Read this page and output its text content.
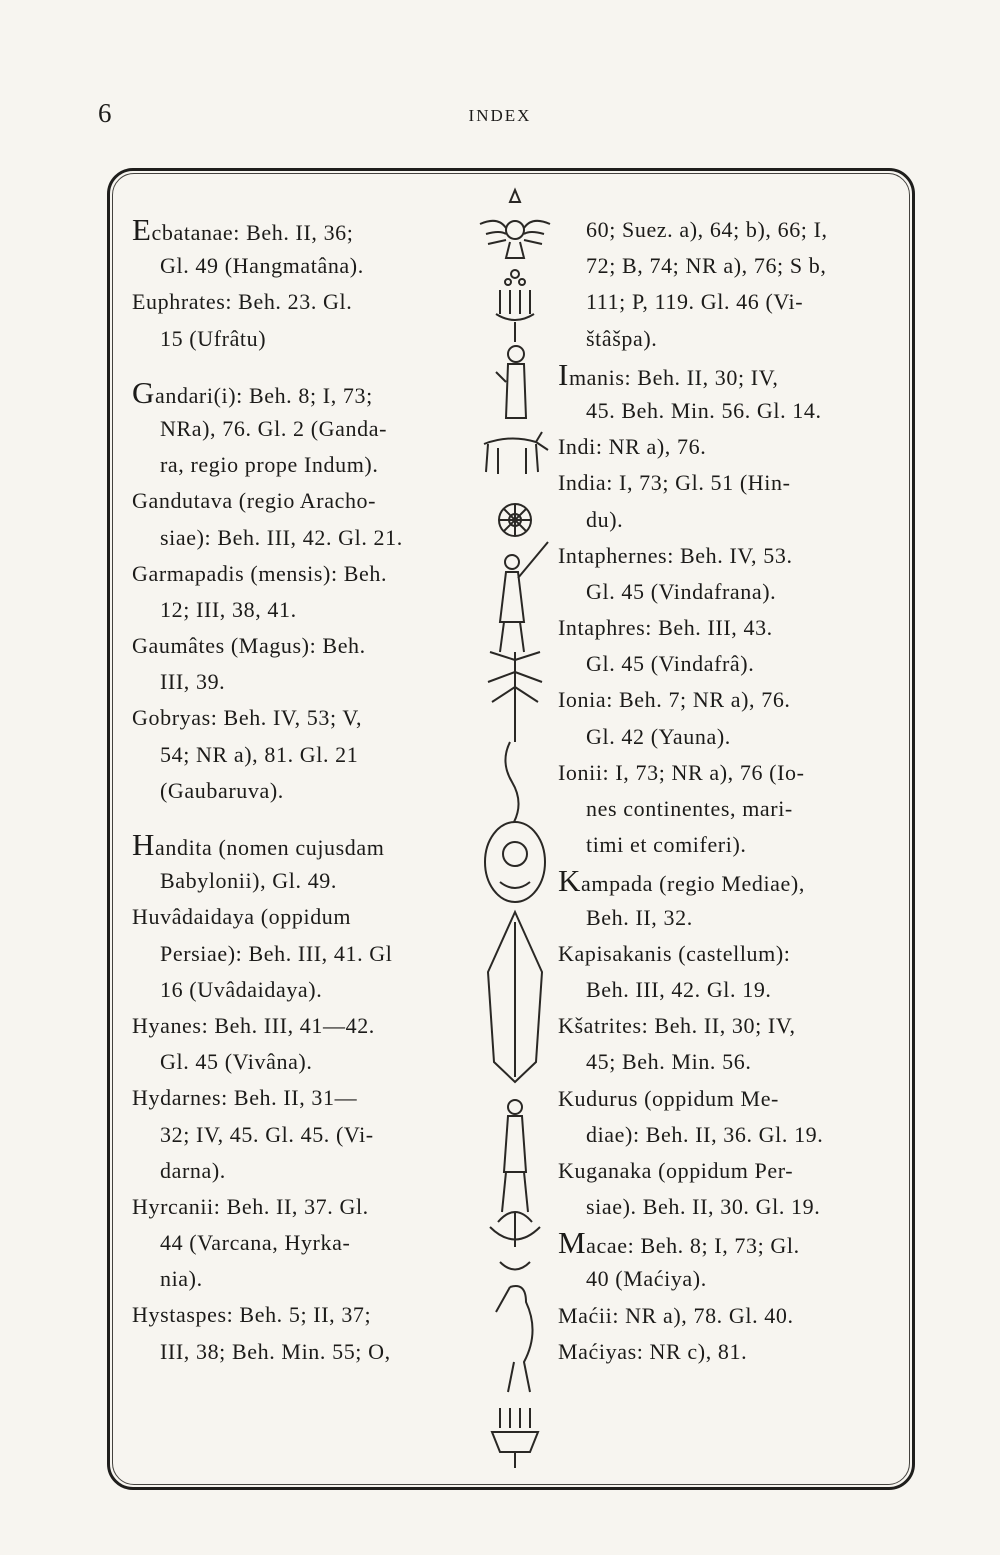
6	INDEX
Ecbatanae: Beh. II, 36;
Gl. 49 (Hangmatâna).
Euphrates: Beh. 23. Gl.
15 (Ufrâtu)
Gandari(i): Beh. 8; I, 73;
NRa), 76. Gl. 2 (Ganda-
ra, regio prope Indum).
Gandutava (regio Aracho-
siae): Beh. III, 42. Gl. 21.
Garmapadis (mensis): Beh.
12; III, 38, 41.
Gaumâtes (Magus): Beh.
III, 39.
Gobryas: Beh. IV, 53; V,
54; NR a), 81. Gl. 21
(Gaubaruva).
Handita (nomen cujusdam
Babylonii), Gl. 49.
Huvâdaidaya (oppidum
Persiae): Beh. III, 41. Gl
16 (Uvâdaidaya).
Hyanes: Beh. III, 41—42.
Gl. 45 (Vivâna).
Hydarnes: Beh. II, 31—
32; IV, 45. Gl. 45. (Vi-
darna).
Hyrcanii: Beh. II, 37. Gl.
44 (Varcana, Hyrka-
nia).
Hystaspes: Beh. 5; II, 37;
III, 38; Beh. Min. 55; O,
60; Suez. a), 64; b), 66; I,
72; B, 74; NR a), 76; S b,
111; P, 119. Gl. 46 (Vi-
štâšpa).
Imanis: Beh. II, 30; IV,
45. Beh. Min. 56. Gl. 14.
Indi: NR a), 76.
India: I, 73; Gl. 51 (Hin-
du).
Intaphernes: Beh. IV, 53.
Gl. 45 (Vindafrana).
Intaphres: Beh. III, 43.
Gl. 45 (Vindafrâ).
Ionia: Beh. 7; NR a), 76.
Gl. 42 (Yauna).
Ionii: I, 73; NR a), 76 (Io-
nes continentes, mari-
timi et comiferi).
Kampada (regio Mediae),
Beh. II, 32.
Kapisakanis (castellum):
Beh. III, 42. Gl. 19.
Kšatrites: Beh. II, 30; IV,
45; Beh. Min. 56.
Kudurus (oppidum Me-
diae): Beh. II, 36. Gl. 19.
Kuganaka (oppidum Per-
siae). Beh. II, 30. Gl. 19.
Macae: Beh. 8; I, 73; Gl.
40 (Maćiya).
Maćii: NR a), 78. Gl. 40.
Maćiyas: NR c), 81.
